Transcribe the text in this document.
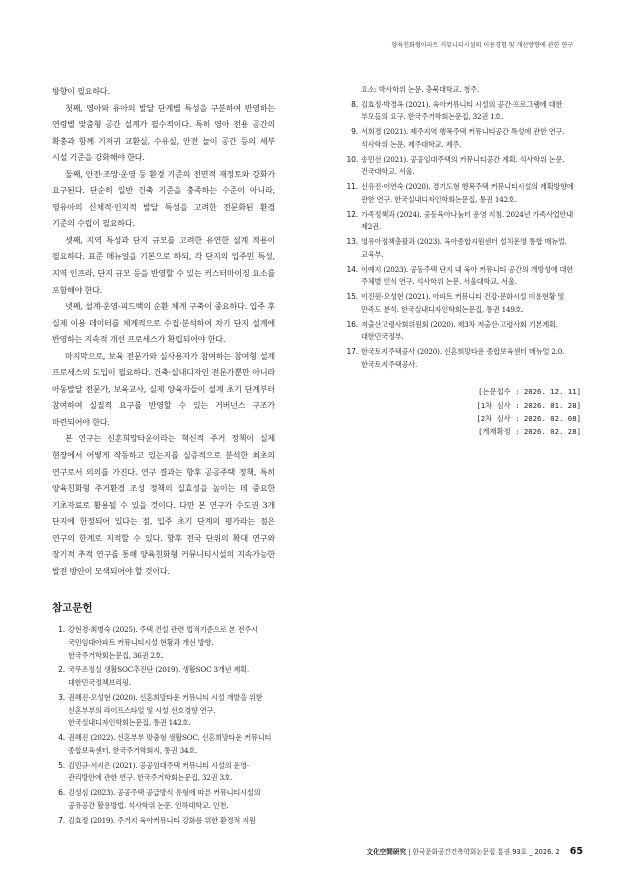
양육친화형아파트 커뮤니티시설의 이용경험 및 개선방향에 관한 연구

방향이 필요하다.

첫째, 영아와 유아의 발달 단계별 특성을 구분하여 반영하는 연령별 맞춤형 공간 설계가 필수적이다. 특히 영아 전용 공간의 확충과 함께 기저귀 교환실, 수유실, 안전 놀이 공간 등의 세부 시설 기준을 강화해야 한다.

둘째, 안전·조망·운영 등 환경 기준의 전면적 재정토와 강화가 요구된다. 단순히 일반 건축 기준을 충족하는 수준이 아니라, 영유아의 신체적·인지적 발달 특성을 고려한 전문화된 환경 기준의 수립이 필요하다.

셋째, 지역 특성과 단지 규모를 고려한 유연한 설계 적용이 필요하다. 표준 메뉴얼을 기본으로 하되, 각 단지의 입주민 특성, 지역 인프라, 단지 규모 등을 반영할 수 있는 커스터마이징 요소를 포함해야 한다.

넷째, 설계-운영-피드백의 순환 체계 구축이 중요하다. 입주 후 실제 이용 데이터를 체계적으로 수집·분석하여 차기 단지 설계에 반영하는 지속적 개선 프로세스가 확립되어야 한다.

마지막으로, 보육 전문가와 실사용자가 참여하는 참여형 설계 프로세스의 도입이 필요하다. 건축·실내디자인 전문가뿐만 아니라 아동발달 전문가, 보육교사, 실제 양육자들이 설계 초기 단계부터 참여하여 실질적 요구를 반영할 수 있는 거버넌스 구조가 마련되어야 한다.

본 연구는 신혼희망타운이라는 혁신적 주거 정책이 실제 현장에서 어떻게 작동하고 있는지를 실증적으로 분석한 최초의 연구로서 의의를 가진다. 연구 결과는 향후 공공주택 정책, 특히 양육친화형 주거환경 조성 정책의 실효성을 높이는 데 중요한 기초자료로 활용될 수 있을 것이다. 다만 본 연구가 수도권 3개 단지에 한정되어 있다는 점, 입주 초기 단계의 평가라는 점은 연구의 한계로 지적할 수 있다. 향후 전국 단위의 확대 연구와 장기적 추적 연구를 통해 양육친화형 커뮤니티시설의 지속가능한 발전 방안이 모색되어야 할 것이다.

참고문헌
1. 강현경·최병숙 (2025). 주택 건설 관련 법적기준으로 본 전주시 국민임대아파트 커뮤니티시설 현황과 개선 방향. 한국주거학회논문집, 36권 2호.
2. 국무조정실 생활SOC추진단 (2019). 생활SOC 3개년 계획. 대한민국정책브리핑.
3. 권혜진·오성현 (2020). 신혼희망타운 커뮤니티 시설 개발을 위한 신혼부부의 라이프스타일 및 시설 선호경향 연구. 한국실내디자인학회논문집, 통권 142호.
4. 권혜진 (2022). 신혼부부 맞춤형 생활SOC, 신혼희망타운 커뮤니티 종합보육센터. 한국주거학회지, 통권 34호.
5. 김민규·서지은 (2021). 공공임대주택 커뮤니티 시설의 운영·관리방안에 관한 연구. 한국주거학회논문집, 32권 3호.
6. 김성심 (2023). 공공주택 공급방식 유형에 따른 커뮤니티시설의 공유공간 활용방법. 석사학위 논문. 인하대학교. 인천.
7. 김효정 (2019). 주거지 육아커뮤니티 강화를 위한 환경적 지원
요소: 박사학위 논문. 충북대학교. 청주.
8. 김효정·박경옥 (2021). 육아커뮤니티 시설의 공간·프로그램에 대한 부모들의 요구. 한국주거학회논문집, 32권 1호.
9. 서희경 (2021). 제주지역 행복주택 커뮤니티공간 특성에 관한 연구. 석사학위 논문. 제주대학교. 제주.
10. 송민선 (2021). 공공임대주택의 커뮤니티공간 계획. 석사학위 논문. 건국대학교. 서울.
11. 신유진·이연숙 (2020). 경기도형 행복주택 커뮤니티시설의 계획방향에 관한 연구. 한국실내디자인학회논문집, 통권 142호.
12. 가족정책과 (2024). 공동육아나눔터 운영 지침. 2024년 가족사업안내 제2권.
13. 영유아정책총괄과 (2023). 육아종합지원센터 설치운영 통합 매뉴얼. 교육부.
14. 이예지 (2023). 공동주택 단지 내 육아 커뮤니티 공간의 개방성에 대한 주체별 인식 연구. 석사학위 논문. 서울대학교. 서울.
15. 이진원·오성현 (2021). 아파트 커뮤니티 건강·문화시설 이용현황 및 만족도 분석. 한국실내디자인학회논문집, 통권 149호.
16. 저출산고령사회위원회 (2020). 제3차 저출산·고령사회 기본계획. 대한민국정부.
17. 한국토지주택공사 (2020). 신혼희망타운 종합보육센터 매뉴얼 2.0. 한국토지주택공사.
[논문접수 : 2026. 12. 11]
[1차 심사 : 2026. 01. 28]
[2차 심사 : 2026. 02. 08]
[게재확정 : 2026. 02. 28]
文化空間硏究 | 한국문화공간건축학회논문집 통권 93호 _ 2026. 2 65
